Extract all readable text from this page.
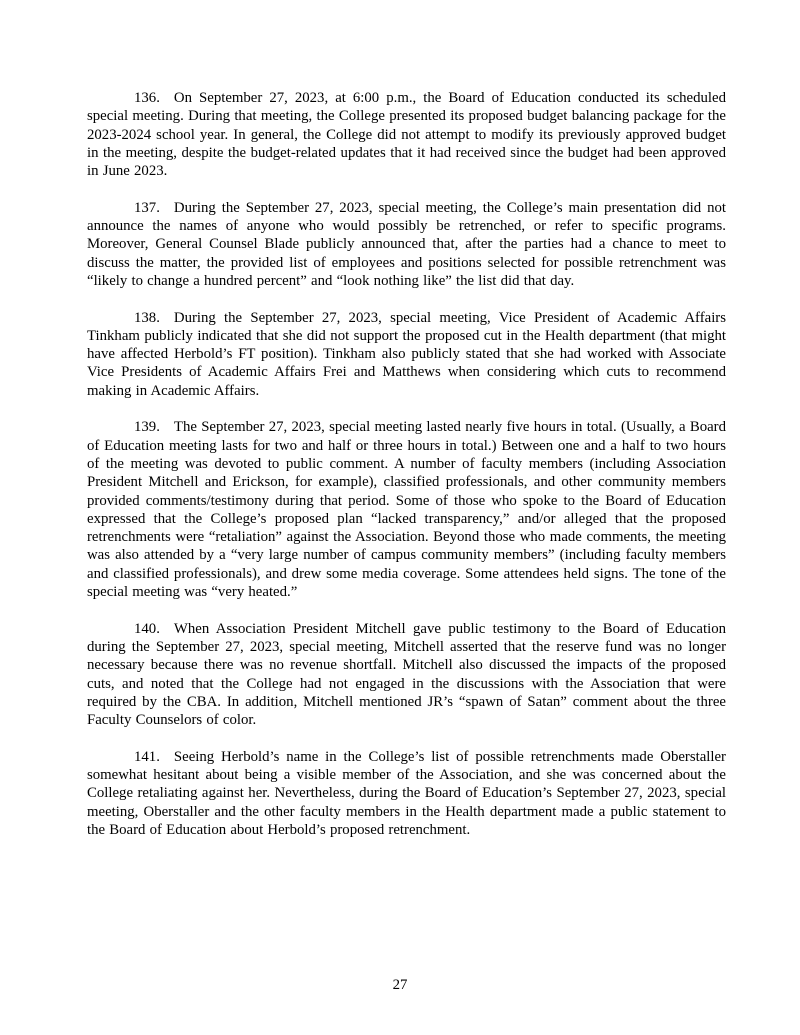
136. On September 27, 2023, at 6:00 p.m., the Board of Education conducted its scheduled special meeting. During that meeting, the College presented its proposed budget balancing package for the 2023-2024 school year. In general, the College did not attempt to modify its previously approved budget in the meeting, despite the budget-related updates that it had received since the budget had been approved in June 2023.

137. During the September 27, 2023, special meeting, the College’s main presentation did not announce the names of anyone who would possibly be retrenched, or refer to specific programs. Moreover, General Counsel Blade publicly announced that, after the parties had a chance to meet to discuss the matter, the provided list of employees and positions selected for possible retrenchment was “likely to change a hundred percent” and “look nothing like” the list did that day.

138. During the September 27, 2023, special meeting, Vice President of Academic Affairs Tinkham publicly indicated that she did not support the proposed cut in the Health department (that might have affected Herbold’s FT position). Tinkham also publicly stated that she had worked with Associate Vice Presidents of Academic Affairs Frei and Matthews when considering which cuts to recommend making in Academic Affairs.

139. The September 27, 2023, special meeting lasted nearly five hours in total. (Usually, a Board of Education meeting lasts for two and half or three hours in total.) Between one and a half to two hours of the meeting was devoted to public comment. A number of faculty members (including Association President Mitchell and Erickson, for example), classified professionals, and other community members provided comments/testimony during that period. Some of those who spoke to the Board of Education expressed that the College’s proposed plan “lacked transparency,” and/or alleged that the proposed retrenchments were “retaliation” against the Association. Beyond those who made comments, the meeting was also attended by a “very large number of campus community members” (including faculty members and classified professionals), and drew some media coverage. Some attendees held signs. The tone of the special meeting was “very heated.”

140. When Association President Mitchell gave public testimony to the Board of Education during the September 27, 2023, special meeting, Mitchell asserted that the reserve fund was no longer necessary because there was no revenue shortfall. Mitchell also discussed the impacts of the proposed cuts, and noted that the College had not engaged in the discussions with the Association that were required by the CBA. In addition, Mitchell mentioned JR’s “spawn of Satan” comment about the three Faculty Counselors of color.

141. Seeing Herbold’s name in the College’s list of possible retrenchments made Oberstaller somewhat hesitant about being a visible member of the Association, and she was concerned about the College retaliating against her. Nevertheless, during the Board of Education’s September 27, 2023, special meeting, Oberstaller and the other faculty members in the Health department made a public statement to the Board of Education about Herbold’s proposed retrenchment.

27
